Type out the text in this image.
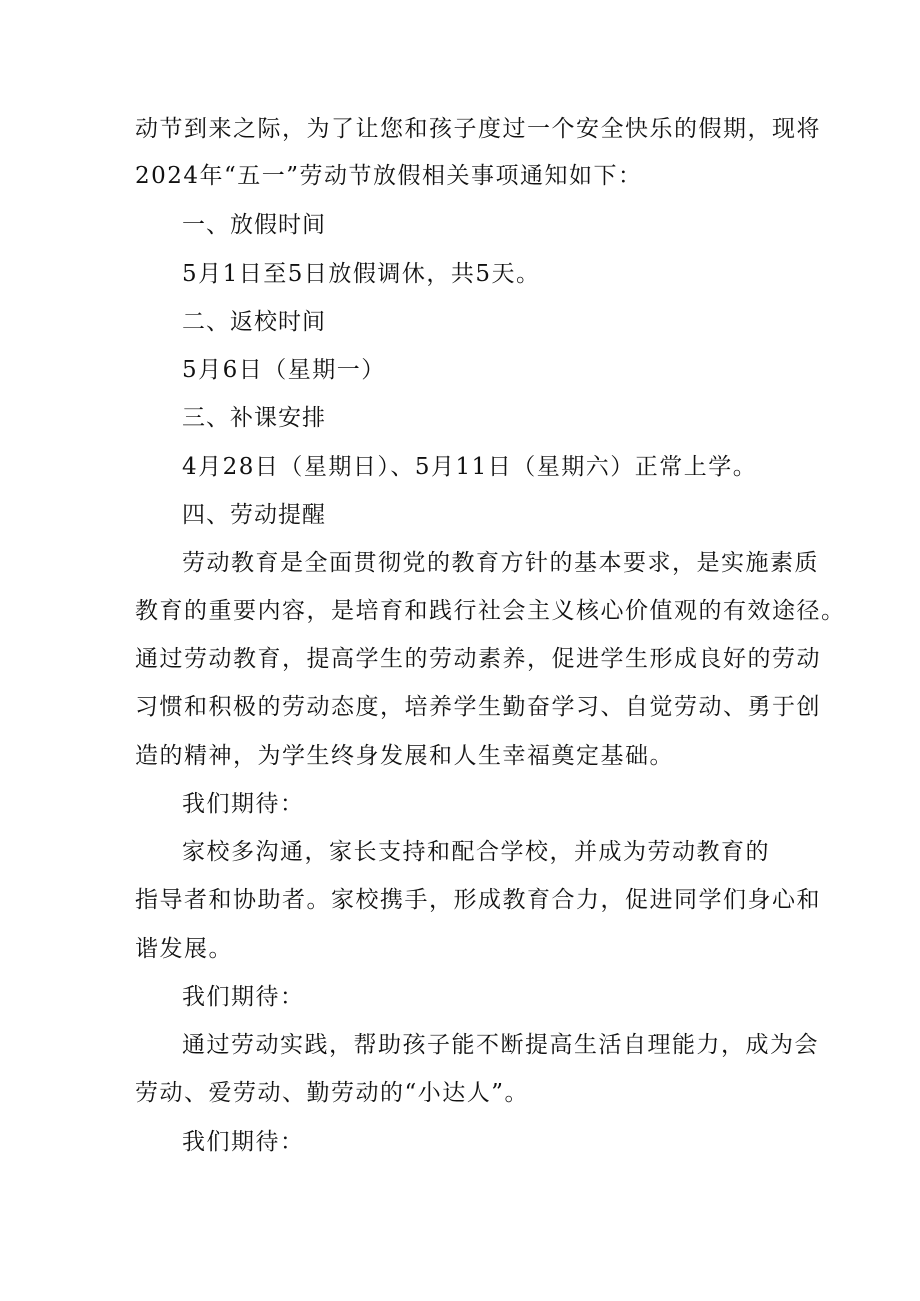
动节到来之际，为了让您和孩子度过一个安全快乐的假期，现将
2024年“五一”劳动节放假相关事项通知如下：
一、放假时间
5月1日至5日放假调休，共5天。
二、返校时间
5月6日（星期一）
三、补课安排
4月28日（星期日）、5月11日（星期六）正常上学。
四、劳动提醒
劳动教育是全面贯彻党的教育方针的基本要求，是实施素质
教育的重要内容，是培育和践行社会主义核心价值观的有效途径。
通过劳动教育，提高学生的劳动素养，促进学生形成良好的劳动
习惯和积极的劳动态度，培养学生勤奋学习、自觉劳动、勇于创
造的精神，为学生终身发展和人生幸福奠定基础。
我们期待：
家校多沟通，家长支持和配合学校，并成为劳动教育的
指导者和协助者。家校携手，形成教育合力，促进同学们身心和
谐发展。
我们期待：
通过劳动实践，帮助孩子能不断提高生活自理能力，成为会
劳动、爱劳动、勤劳动的“小达人”。
我们期待：
